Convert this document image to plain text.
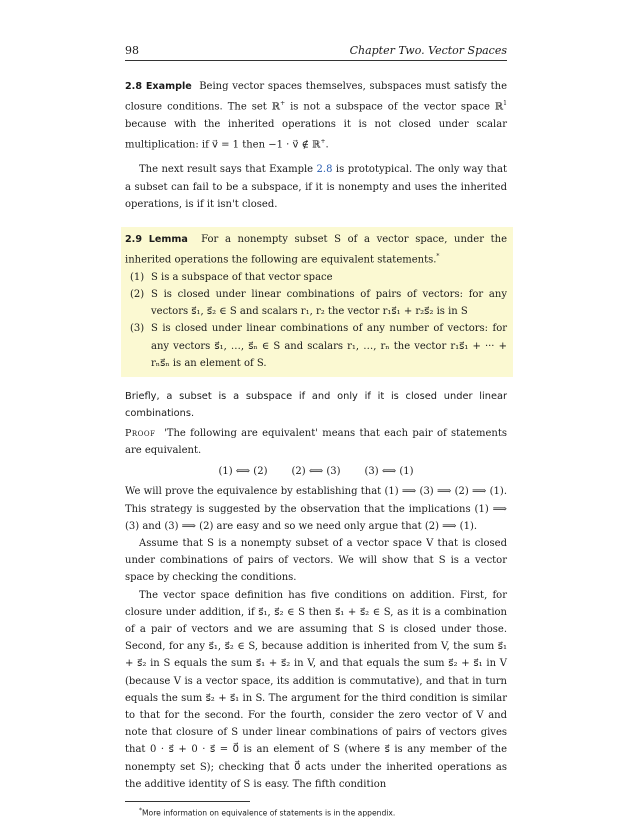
98	Chapter Two. Vector Spaces

2.8 Example Being vector spaces themselves, subspaces must satisfy the closure conditions. The set ℝ+ is not a subspace of the vector space ℝ$^1$ because with the inherited operations it is not closed under scalar multiplication: if v⃗ = 1 then −1 · v⃗ ∉ ℝ+.

The next result says that Example 2.8 is prototypical. The only way that a subset can fail to be a subspace, if it is nonempty and uses the inherited operations, is if it isn't closed.

2.9 Lemma For a nonempty subset S of a vector space, under the inherited operations the following are equivalent statements.*

(1) S is a subspace of that vector space
(2) S is closed under linear combinations of pairs of vectors: for any vectors s⃗₁, s⃗₂ ∈ S and scalars r₁, r₂ the vector r₁s⃗₁ + r₂s⃗₂ is in S
(3) S is closed under linear combinations of any number of vectors: for any vectors s⃗₁, …, s⃗ₙ ∈ S and scalars r₁, …, rₙ the vector r₁s⃗₁ + ··· + rₙs⃗ₙ is an element of S.

Briefly, a subset is a subspace if and only if it is closed under linear combinations.

Proof 'The following are equivalent' means that each pair of statements are equivalent.

(1) ⟺ (2) (2) ⟺ (3) (3) ⟺ (1)

We will prove the equivalence by establishing that (1) ⟹ (3) ⟹ (2) ⟹ (1). This strategy is suggested by the observation that the implications (1) ⟹ (3) and (3) ⟹ (2) are easy and so we need only argue that (2) ⟹ (1).

Assume that S is a nonempty subset of a vector space V that is closed under combinations of pairs of vectors. We will show that S is a vector space by checking the conditions.

The vector space definition has five conditions on addition. First, for closure under addition, if s⃗₁, s⃗₂ ∈ S then s⃗₁ + s⃗₂ ∈ S, as it is a combination of a pair of vectors and we are assuming that S is closed under those. Second, for any s⃗₁, s⃗₂ ∈ S, because addition is inherited from V, the sum s⃗₁ + s⃗₂ in S equals the sum s⃗₁ + s⃗₂ in V, and that equals the sum s⃗₂ + s⃗₁ in V (because V is a vector space, its addition is commutative), and that in turn equals the sum s⃗₂ + s⃗₁ in S. The argument for the third condition is similar to that for the second. For the fourth, consider the zero vector of V and note that closure of S under linear combinations of pairs of vectors gives that 0 · s⃗ + 0 · s⃗ = 0⃗ is an element of S (where s⃗ is any member of the nonempty set S); checking that 0⃗ acts under the inherited operations as the additive identity of S is easy. The fifth condition

*More information on equivalence of statements is in the appendix.
